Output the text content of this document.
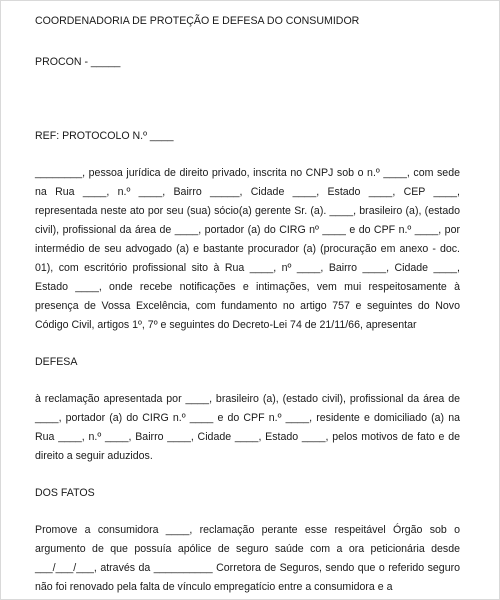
COORDENADORIA DE PROTEÇÃO E DEFESA DO CONSUMIDOR
PROCON - _____
REF: PROTOCOLO N.º ____

________, pessoa jurídica de direito privado, inscrita no CNPJ sob o n.º ____, com sede na Rua ____, n.º ____, Bairro _____, Cidade ____, Estado ____, CEP ____, representada neste ato por seu (sua) sócio(a) gerente Sr. (a). ____, brasileiro (a), (estado civil), profissional da área de ____, portador (a) do CIRG nº ____ e do CPF n.º ____, por intermédio de seu advogado (a) e bastante procurador (a) (procuração em anexo - doc. 01), com escritório profissional sito à Rua ____, nº ____, Bairro ____, Cidade ____, Estado ____, onde recebe notificações e intimações, vem mui respeitosamente à presença de Vossa Excelência, com fundamento no artigo 757 e seguintes do Novo Código Civil, artigos 1º, 7º e seguintes do Decreto-Lei 74 de 21/11/66, apresentar

DEFESA

à reclamação apresentada por ____, brasileiro (a), (estado civil), profissional da área de ____, portador (a) do CIRG n.º ____ e do CPF n.º ____, residente e domiciliado (a) na Rua ____, n.º ____, Bairro ____, Cidade ____, Estado ____, pelos motivos de fato e de direito a seguir aduzidos.

DOS FATOS

Promove a consumidora ____, reclamação perante esse respeitável Órgão sob o argumento de que possuía apólice de seguro saúde com a ora peticionária desde ___/___/___, através da __________ Corretora de Seguros, sendo que o referido seguro não foi renovado pela falta de vínculo empregatício entre a consumidora e a
